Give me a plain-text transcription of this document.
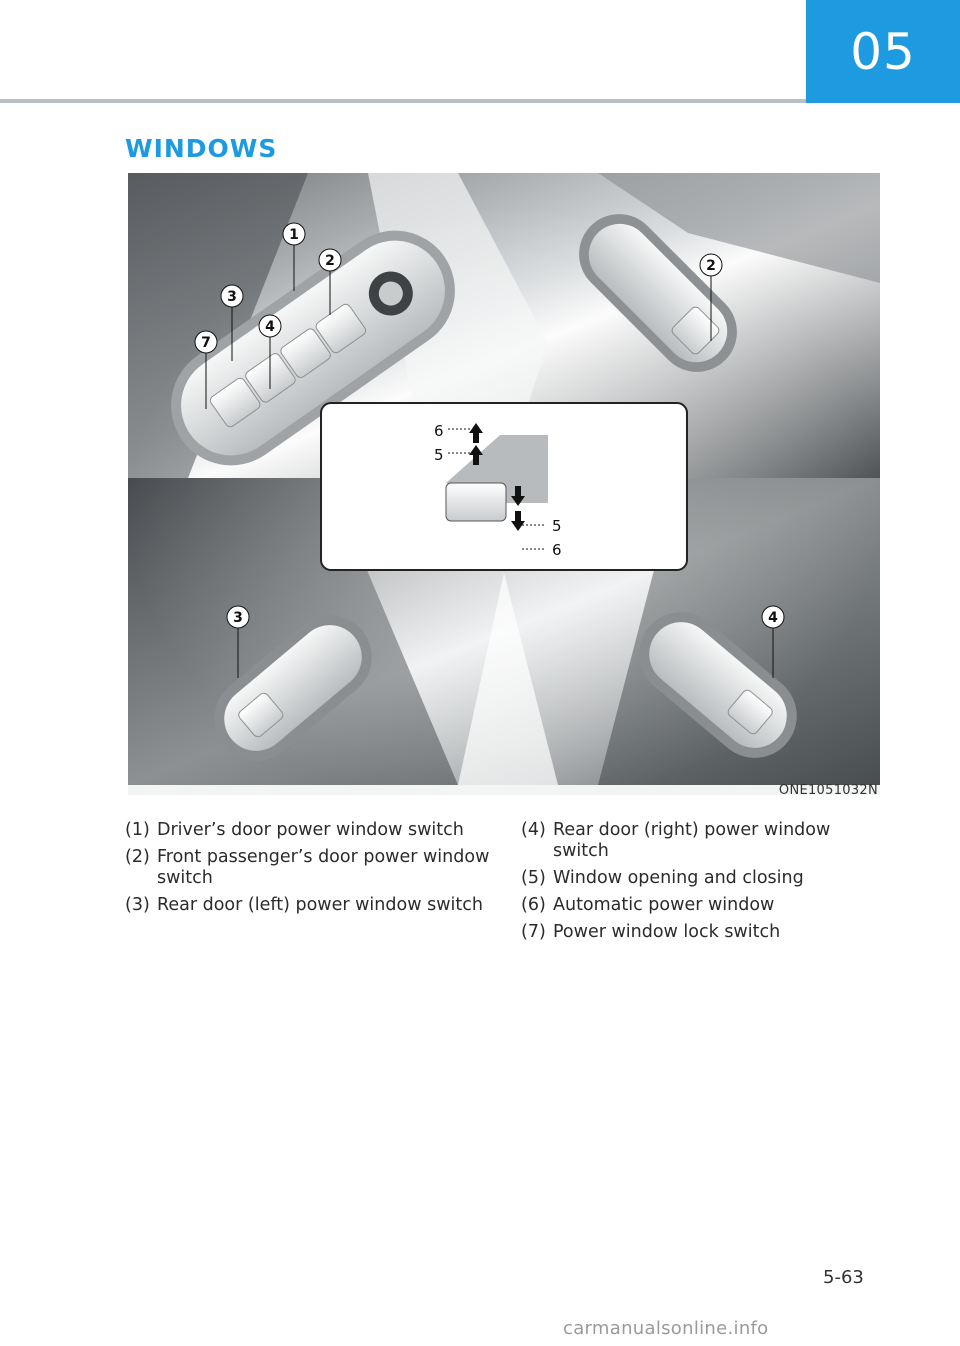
05
WINDOWS
6
5
5
6
1
2
3
4
7
2
3	4
ONE1051032N
(1) Driver’s door power window switch
(2) Front passenger’s door power window switch
(3) Rear door (left) power window switch
(4) Rear door (right) power window switch
(5) Window opening and closing
(6) Automatic power window
(7) Power window lock switch
5-63
carmanualsonline.info
